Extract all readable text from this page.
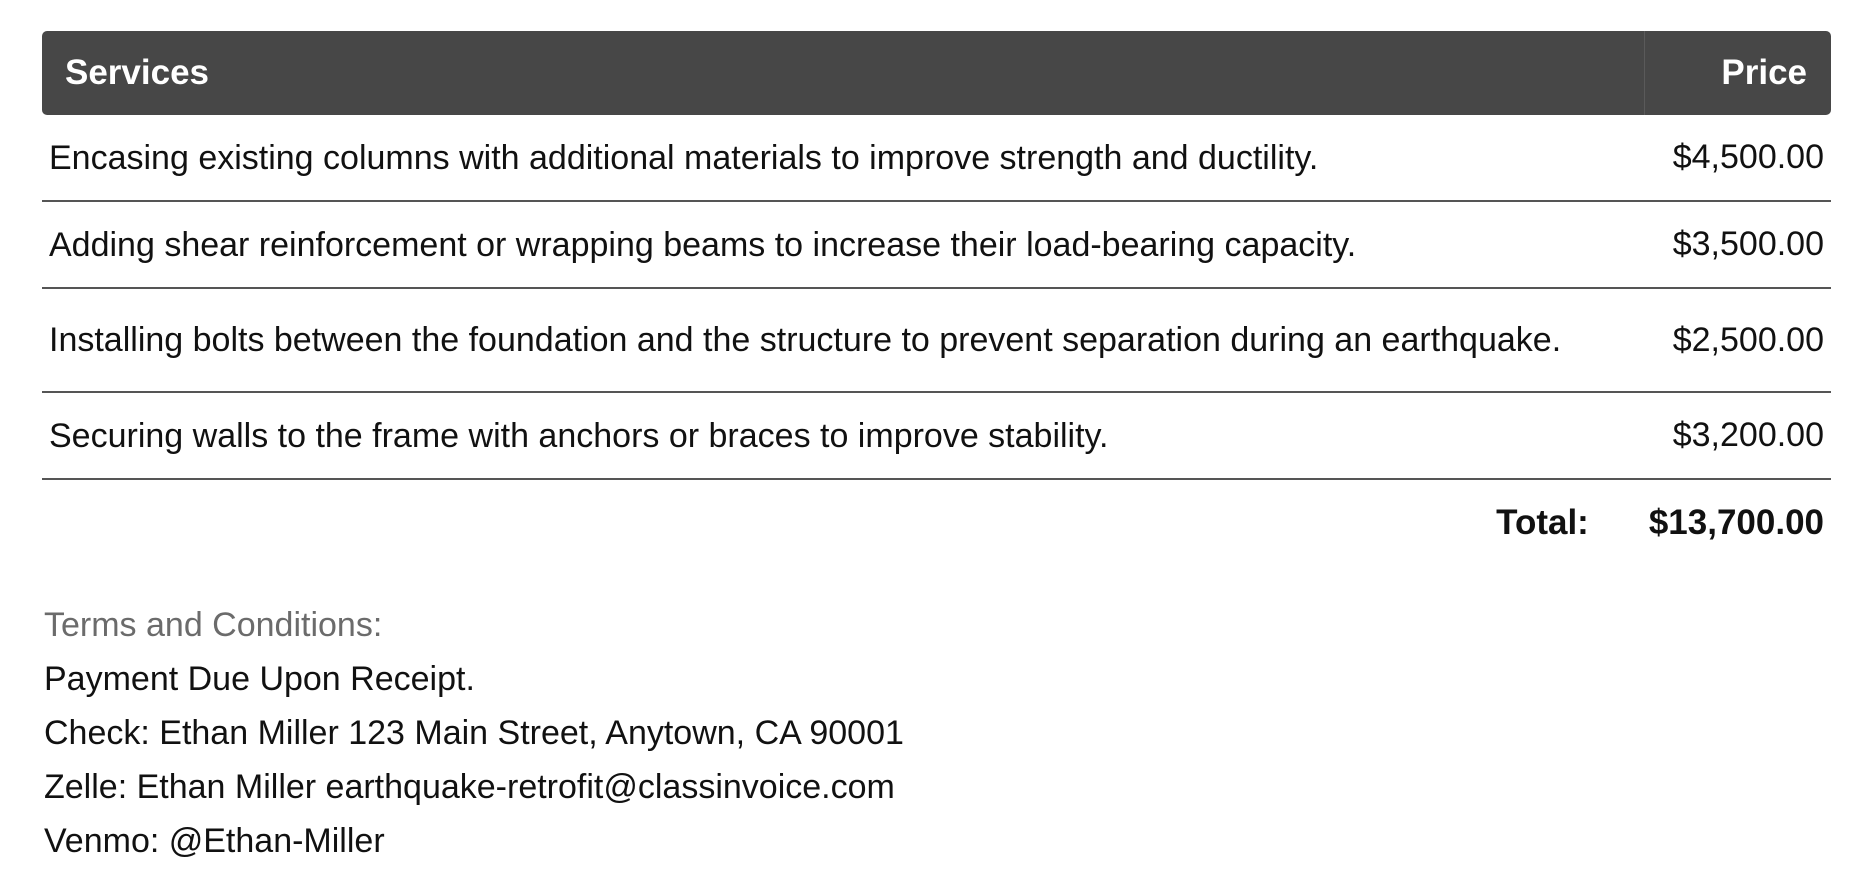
Services	Price
Encasing existing columns with additional materials to improve strength and ductility.	$4,500.00
Adding shear reinforcement or wrapping beams to increase their load-bearing capacity.	$3,500.00
Installing bolts between the foundation and the structure to prevent separation during an earthquake.	$2,500.00
Securing walls to the frame with anchors or braces to improve stability.	$3,200.00
Total: $13,700.00
Terms and Conditions:
Payment Due Upon Receipt.
Check: Ethan Miller 123 Main Street, Anytown, CA 90001
Zelle: Ethan Miller earthquake-retrofit@classinvoice.com
Venmo: @Ethan-Miller
